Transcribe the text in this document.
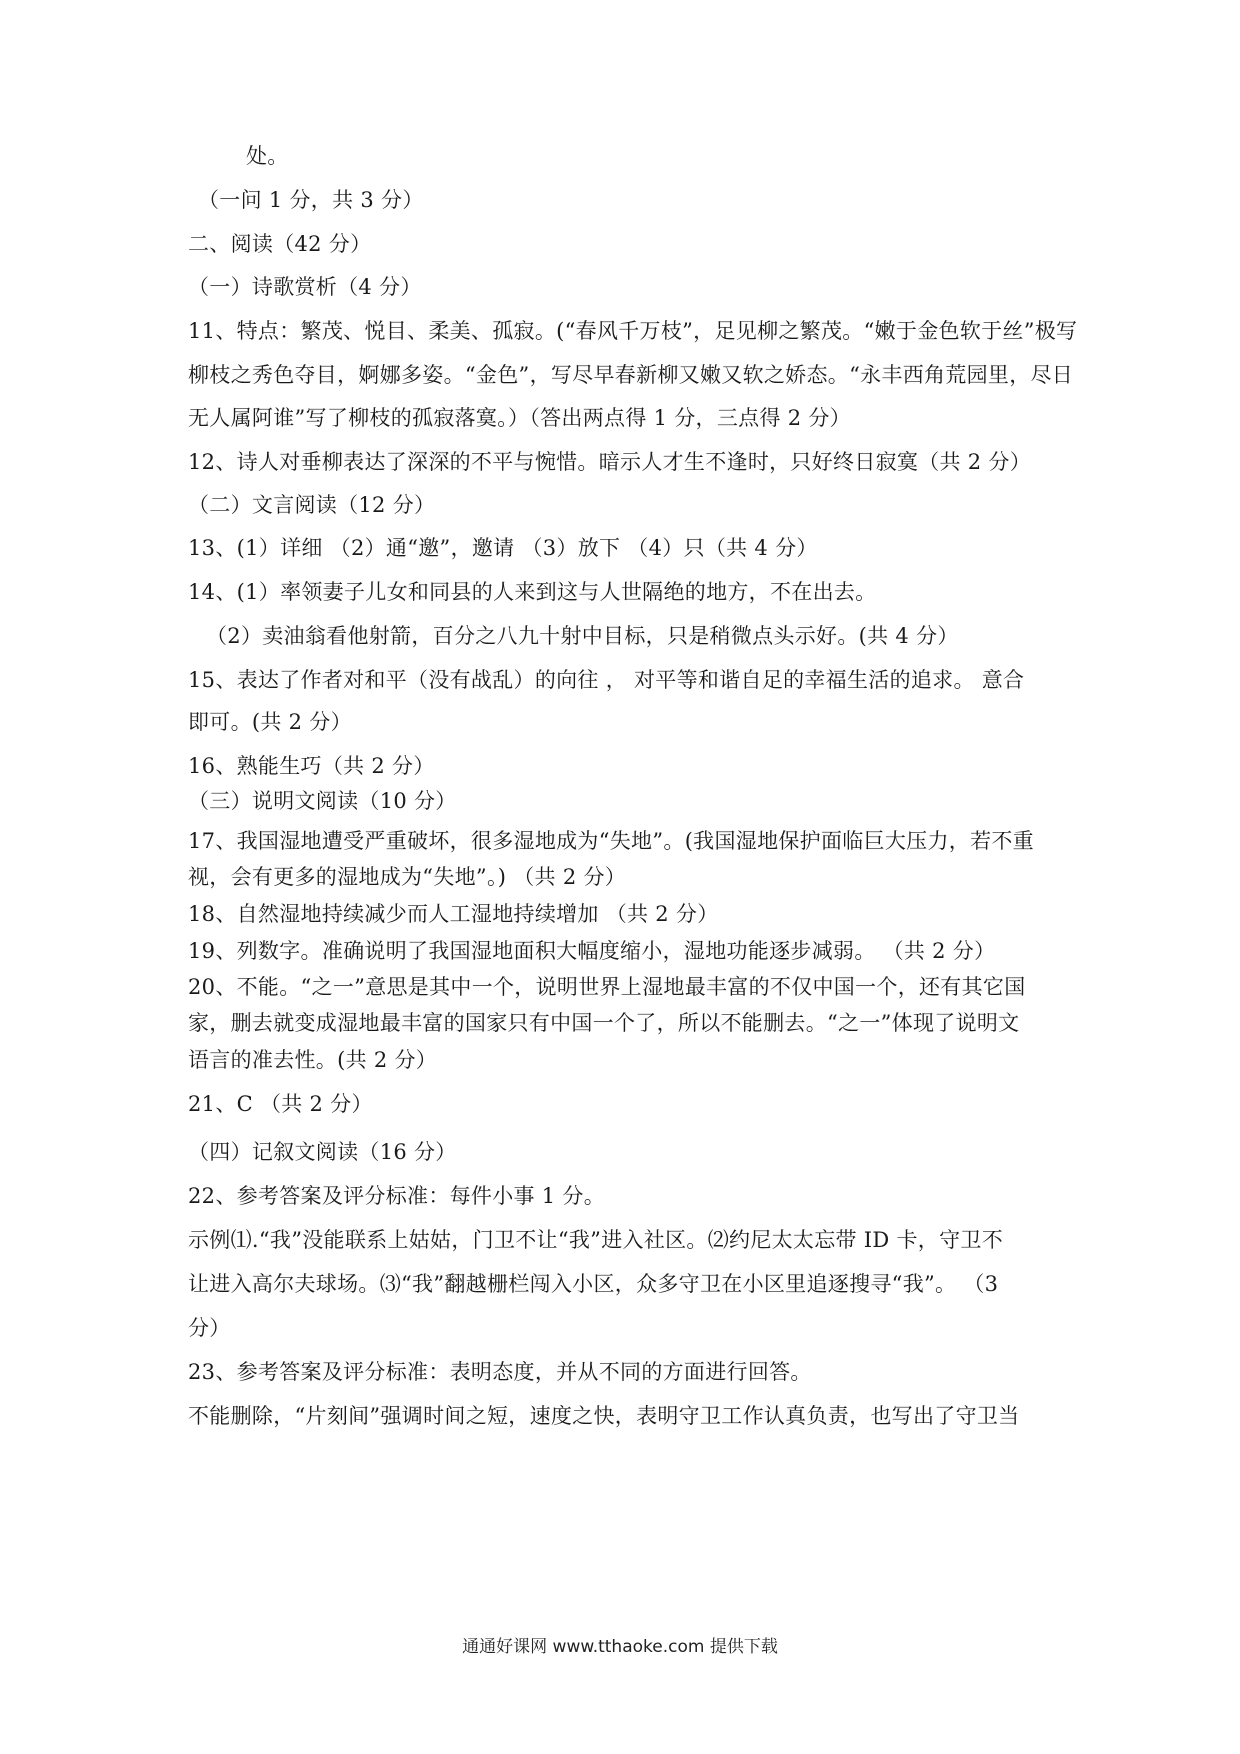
处。
（一问 1 分，共 3 分）
二、阅读（42 分）
（一）诗歌赏析（4 分）
11、特点：繁茂、悦目、柔美、孤寂。(“春风千万枝”，足见柳之繁茂。“嫩于金色软于丝”极写
柳枝之秀色夺目，婀娜多姿。“金色”，写尽早春新柳又嫩又软之娇态。“永丰西角荒园里，尽日
无人属阿谁”写了柳枝的孤寂落寞。）（答出两点得 1 分，三点得 2 分）
12、诗人对垂柳表达了深深的不平与惋惜。暗示人才生不逢时，只好终日寂寞（共 2 分）
（二）文言阅读（12 分）
13、(1）详细 （2）通“邀”，邀请 （3）放下 （4）只（共 4 分）
14、(1）率领妻子儿女和同县的人来到这与人世隔绝的地方，不在出去。
（2）卖油翁看他射箭，百分之八九十射中目标，只是稍微点头示好。(共 4 分）
15、表达了作者对和平（没有战乱）的向往 ， 对平等和谐自足的幸福生活的追求。 意合
即可。(共 2 分）
16、熟能生巧（共 2 分）
（三）说明文阅读（10 分）
17、我国湿地遭受严重破坏，很多湿地成为“失地”。(我国湿地保护面临巨大压力，若不重
视，会有更多的湿地成为“失地”。) （共 2 分）
18、自然湿地持续减少而人工湿地持续增加 （共 2 分）
19、列数字。准确说明了我国湿地面积大幅度缩小，湿地功能逐步减弱。 （共 2 分）
20、不能。“之一”意思是其中一个，说明世界上湿地最丰富的不仅中国一个，还有其它国
家，删去就变成湿地最丰富的国家只有中国一个了，所以不能删去。“之一”体现了说明文
语言的准去性。(共 2 分）
21、C （共 2 分）
（四）记叙文阅读（16 分）
22、参考答案及评分标准：每件小事 1 分。
示例⑴.“我”没能联系上姑姑，门卫不让“我”进入社区。⑵约尼太太忘带 ID 卡，守卫不
让进入高尔夫球场。⑶“我”翻越栅栏闯入小区，众多守卫在小区里追逐搜寻“我”。 （3
分）
23、参考答案及评分标准：表明态度，并从不同的方面进行回答。
不能删除，“片刻间”强调时间之短，速度之快，表明守卫工作认真负责，也写出了守卫当
通通好课网 www.tthaoke.com 提供下载
